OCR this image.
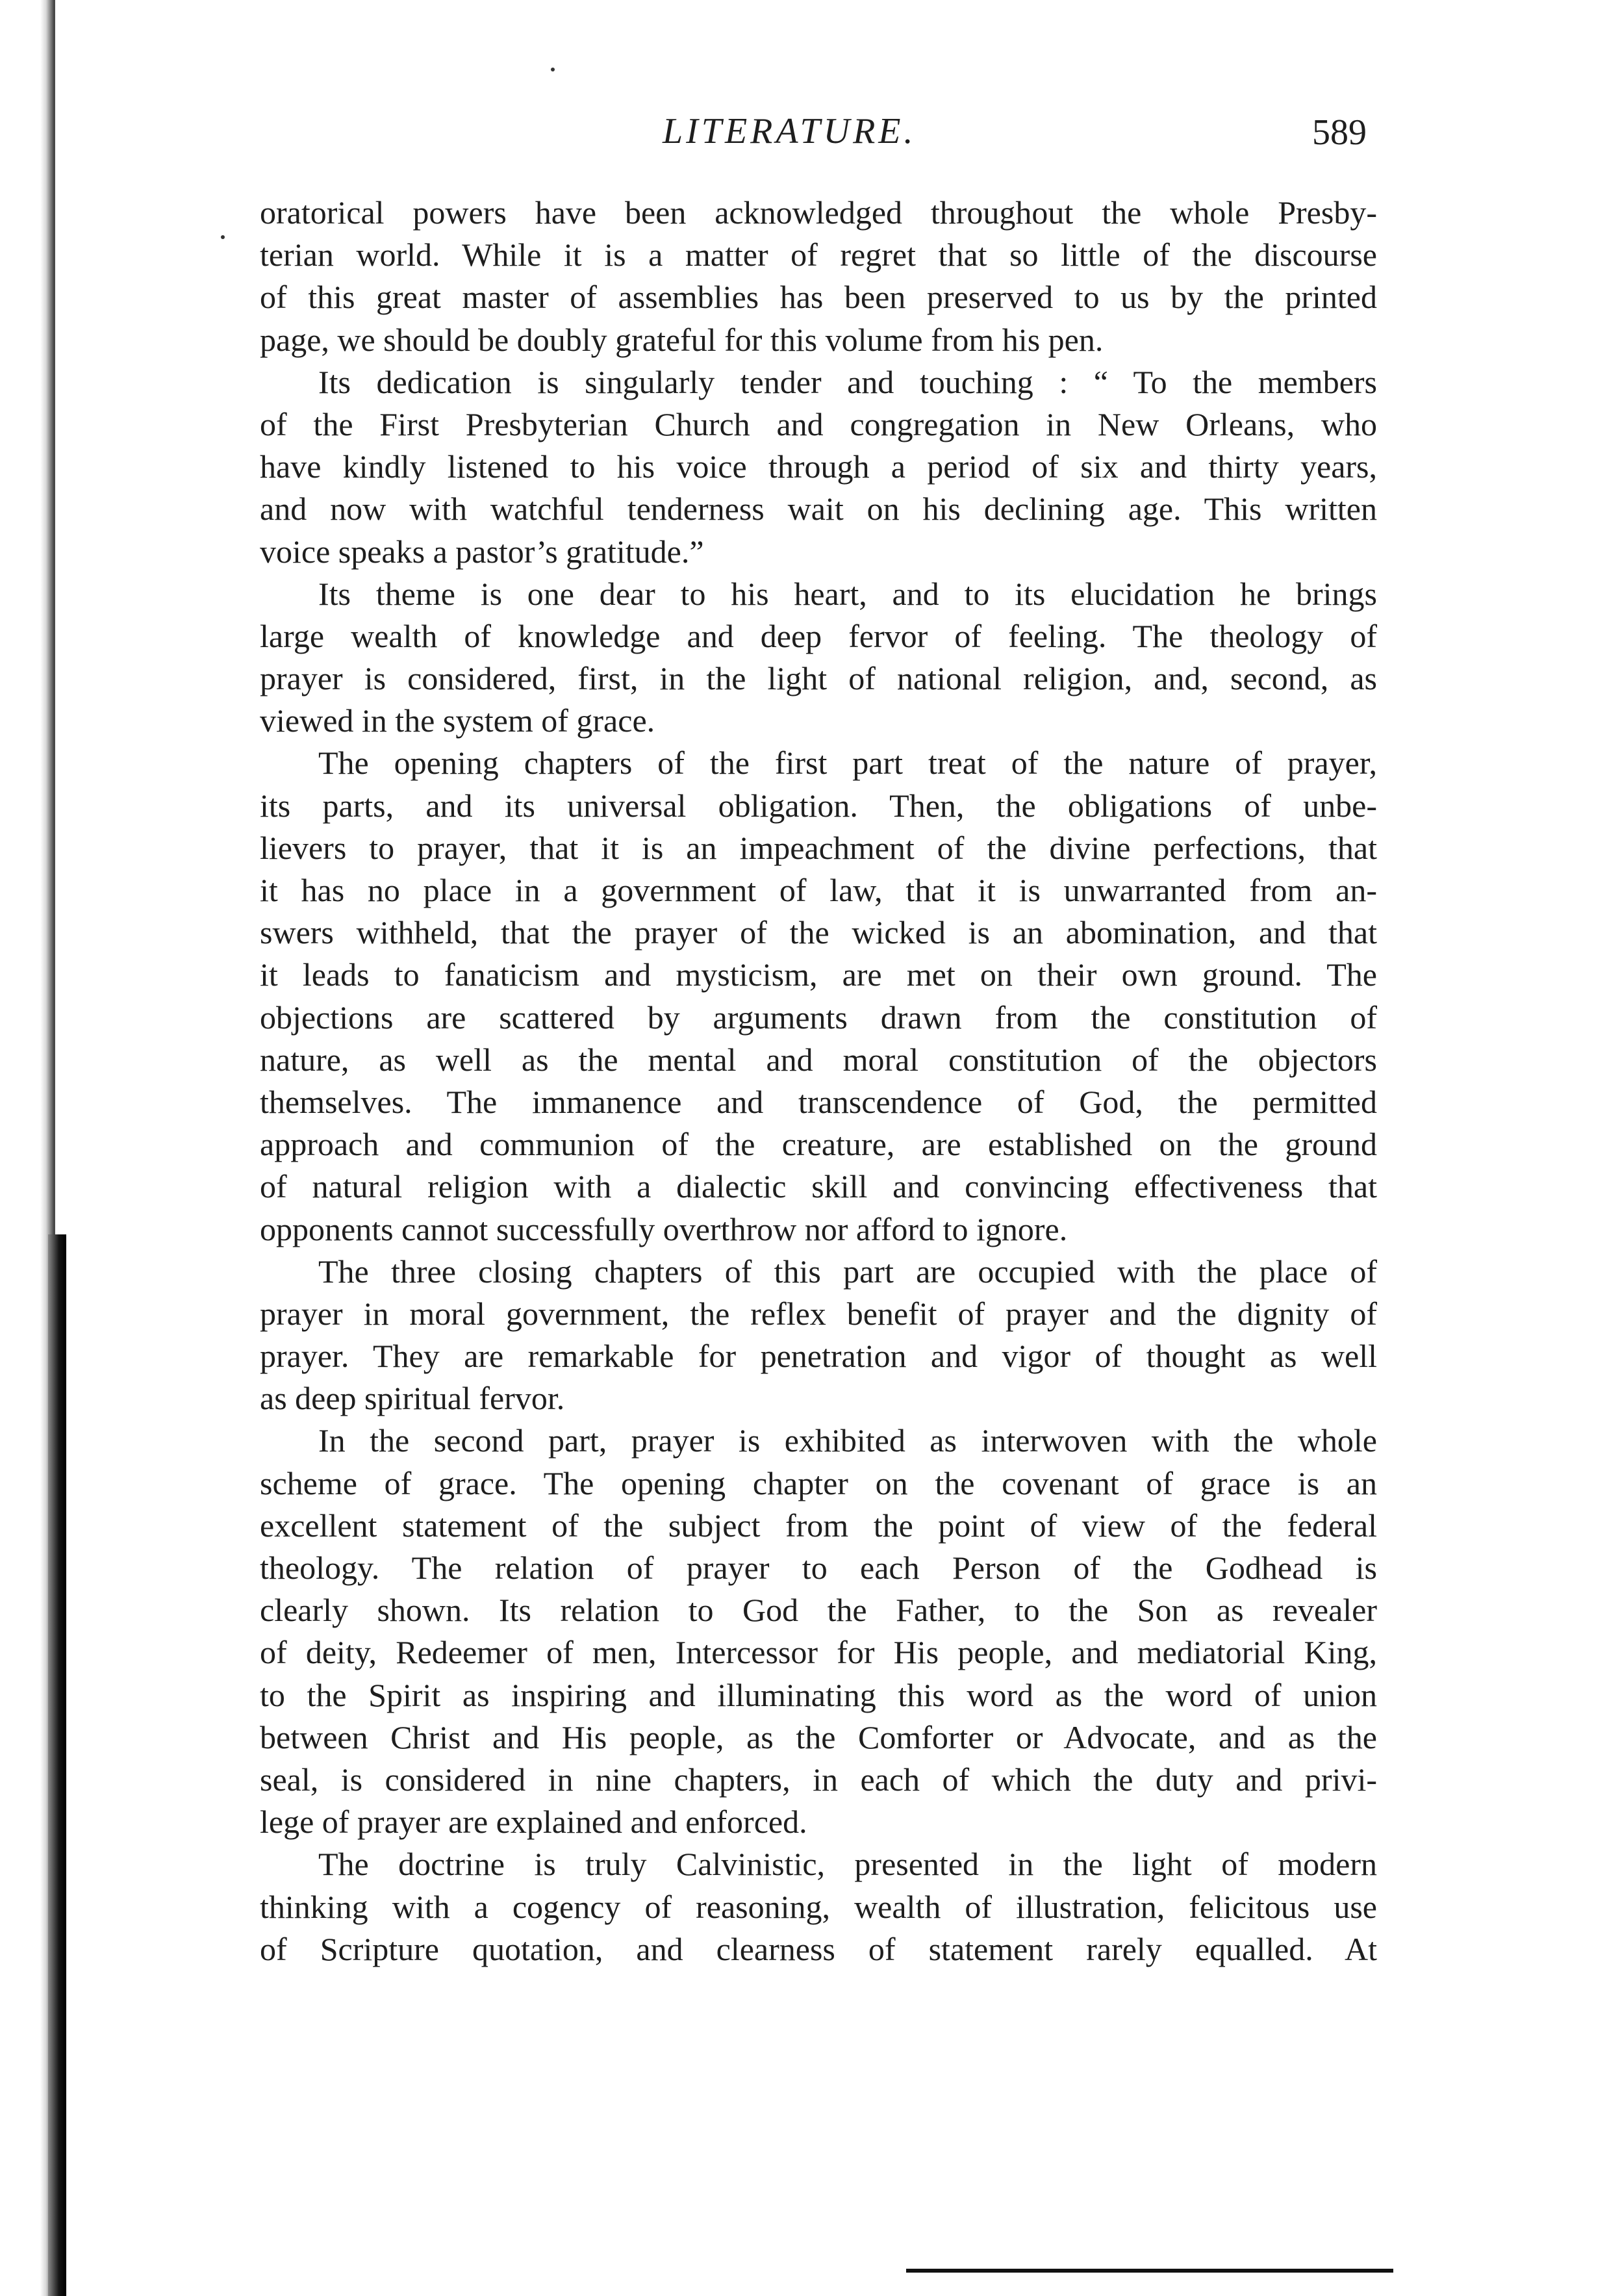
LITERATURE.	589
oratorical powers have been acknowledged throughout the whole Presby-
terian world. While it is a matter of regret that so little of the discourse
of this great master of assemblies has been preserved to us by the printed
page, we should be doubly grateful for this volume from his pen.
Its dedication is singularly tender and touching : “ To the members
of the First Presbyterian Church and congregation in New Orleans, who
have kindly listened to his voice through a period of six and thirty years,
and now with watchful tenderness wait on his declining age. This written
voice speaks a pastor’s gratitude.”
Its theme is one dear to his heart, and to its elucidation he brings
large wealth of knowledge and deep fervor of feeling. The theology of
prayer is considered, first, in the light of national religion, and, second, as
viewed in the system of grace.
The opening chapters of the first part treat of the nature of prayer,
its parts, and its universal obligation. Then, the obligations of unbe-
lievers to prayer, that it is an impeachment of the divine perfections, that
it has no place in a government of law, that it is unwarranted from an-
swers withheld, that the prayer of the wicked is an abomination, and that
it leads to fanaticism and mysticism, are met on their own ground. The
objections are scattered by arguments drawn from the constitution of
nature, as well as the mental and moral constitution of the objectors
themselves. The immanence and transcendence of God, the permitted
approach and communion of the creature, are established on the ground
of natural religion with a dialectic skill and convincing effectiveness that
opponents cannot successfully overthrow nor afford to ignore.
The three closing chapters of this part are occupied with the place of
prayer in moral government, the reflex benefit of prayer and the dignity of
prayer. They are remarkable for penetration and vigor of thought as well
as deep spiritual fervor.
In the second part, prayer is exhibited as interwoven with the whole
scheme of grace. The opening chapter on the covenant of grace is an
excellent statement of the subject from the point of view of the federal
theology. The relation of prayer to each Person of the Godhead is
clearly shown. Its relation to God the Father, to the Son as revealer
of deity, Redeemer of men, Intercessor for His people, and mediatorial King,
to the Spirit as inspiring and illuminating this word as the word of union
between Christ and His people, as the Comforter or Advocate, and as the
seal, is considered in nine chapters, in each of which the duty and privi-
lege of prayer are explained and enforced.
The doctrine is truly Calvinistic, presented in the light of modern
thinking with a cogency of reasoning, wealth of illustration, felicitous use
of Scripture quotation, and clearness of statement rarely equalled. At
